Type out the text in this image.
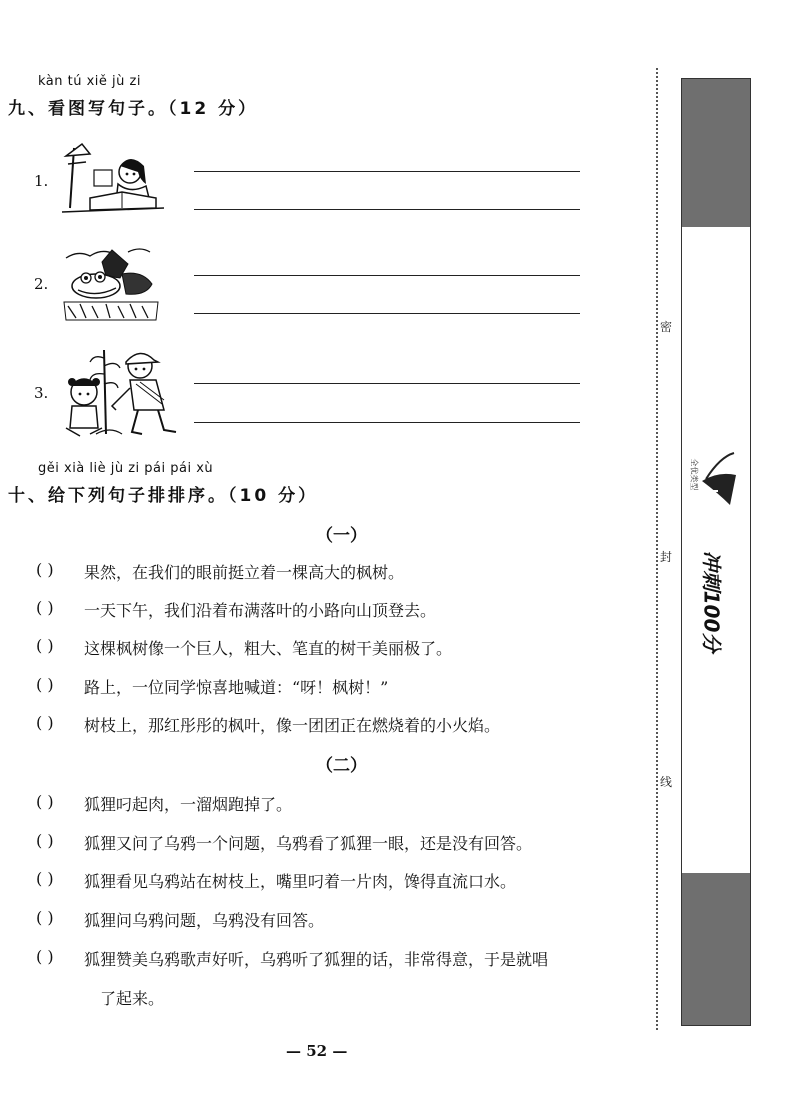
kàn tú xiě jù zi
九、看图写句子。（12 分）
1.
2.
3.
gěi xià liè jù zi pái pái xù
十、给下列句子排排序。（10 分）
（一）
( ) 果然，在我们的眼前挺立着一棵高大的枫树。
( ) 一天下午，我们沿着布满落叶的小路向山顶登去。
( ) 这棵枫树像一个巨人，粗大、笔直的树干美丽极了。
( ) 路上，一位同学惊喜地喊道：“呀！枫树！”
( ) 树枝上，那红彤彤的枫叶，像一团团正在燃烧着的小火焰。
（二）
( ) 狐狸叼起肉，一溜烟跑掉了。
( ) 狐狸又问了乌鸦一个问题，乌鸦看了狐狸一眼，还是没有回答。
( ) 狐狸看见乌鸦站在树枝上，嘴里叼着一片肉，馋得直流口水。
( ) 狐狸问乌鸦问题，乌鸦没有回答。
( ) 狐狸赞美乌鸦歌声好听，乌鸦听了狐狸的话，非常得意，于是就唱
了起来。
— 52 —
密
封
线
全优类型
冲刺100分
